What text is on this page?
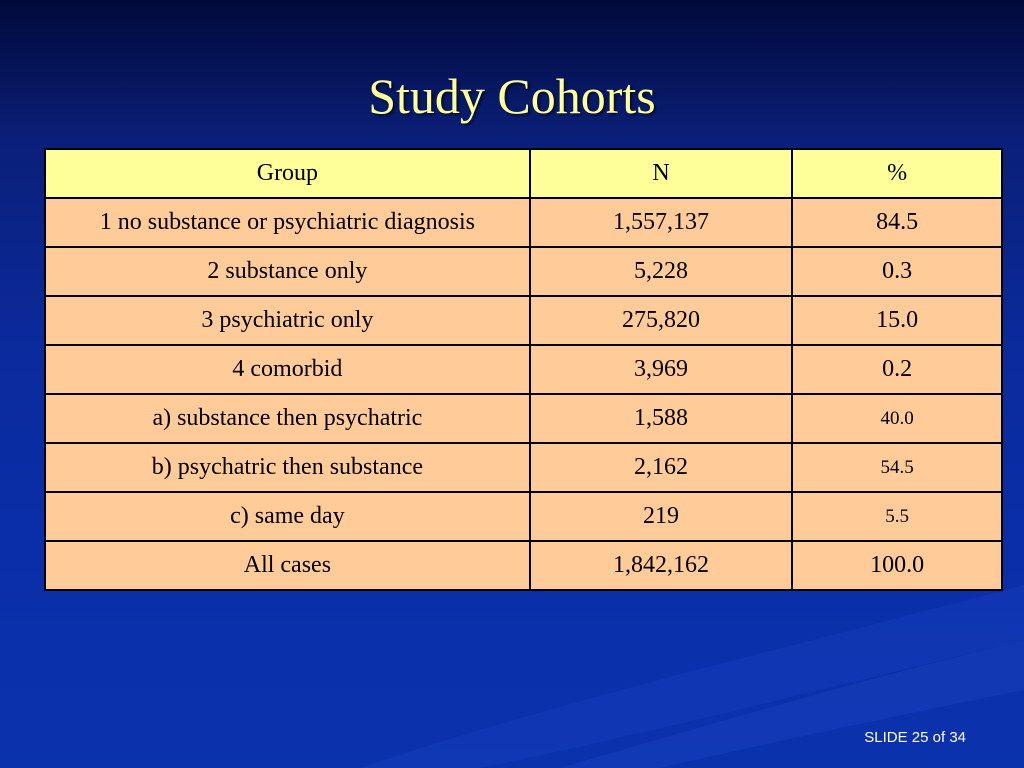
Study Cohorts
Group	N	%
1 no substance or psychiatric diagnosis	1,557,137	84.5
2 substance only	5,228	0.3
3 psychiatric only	275,820	15.0
4 comorbid	3,969	0.2
a) substance then psychatric	1,588	40.0
b) psychatric then substance	2,162	54.5
c) same day	219	5.5
All cases	1,842,162	100.0
SLIDE 25 of 34
